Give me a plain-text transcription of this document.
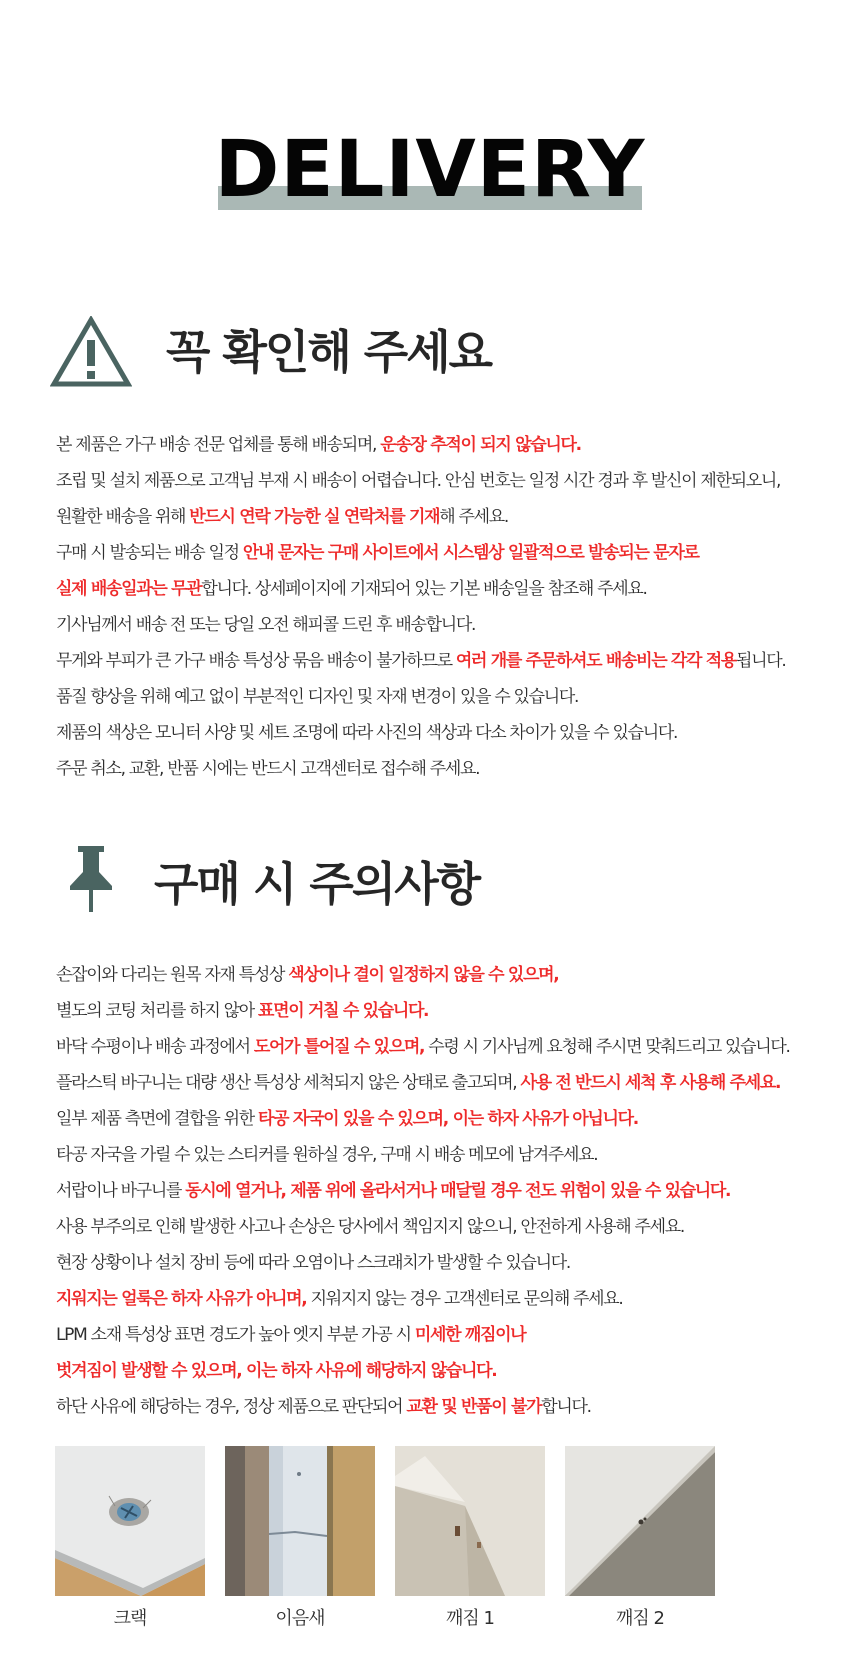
DELIVERY
꼭 확인해 주세요
본 제품은 가구 배송 전문 업체를 통해 배송되며, 운송장 추적이 되지 않습니다.
조립 및 설치 제품으로 고객님 부재 시 배송이 어렵습니다. 안심 번호는 일정 시간 경과 후 발신이 제한되오니,
원활한 배송을 위해 반드시 연락 가능한 실 연락처를 기재해 주세요.
구매 시 발송되는 배송 일정 안내 문자는 구매 사이트에서 시스템상 일괄적으로 발송되는 문자로
실제 배송일과는 무관합니다. 상세페이지에 기재되어 있는 기본 배송일을 참조해 주세요.
기사님께서 배송 전 또는 당일 오전 해피콜 드린 후 배송합니다.
무게와 부피가 큰 가구 배송 특성상 묶음 배송이 불가하므로 여러 개를 주문하셔도 배송비는 각각 적용됩니다.
품질 향상을 위해 예고 없이 부분적인 디자인 및 자재 변경이 있을 수 있습니다.
제품의 색상은 모니터 사양 및 세트 조명에 따라 사진의 색상과 다소 차이가 있을 수 있습니다.
주문 취소, 교환, 반품 시에는 반드시 고객센터로 접수해 주세요.
구매 시 주의사항
손잡이와 다리는 원목 자재 특성상 색상이나 결이 일정하지 않을 수 있으며,
별도의 코팅 처리를 하지 않아 표면이 거칠 수 있습니다.
바닥 수평이나 배송 과정에서 도어가 틀어질 수 있으며, 수령 시 기사님께 요청해 주시면 맞춰드리고 있습니다.
플라스틱 바구니는 대량 생산 특성상 세척되지 않은 상태로 출고되며, 사용 전 반드시 세척 후 사용해 주세요.
일부 제품 측면에 결합을 위한 타공 자국이 있을 수 있으며, 이는 하자 사유가 아닙니다.
타공 자국을 가릴 수 있는 스티커를 원하실 경우, 구매 시 배송 메모에 남겨주세요.
서랍이나 바구니를 동시에 열거나, 제품 위에 올라서거나 매달릴 경우 전도 위험이 있을 수 있습니다.
사용 부주의로 인해 발생한 사고나 손상은 당사에서 책임지지 않으니, 안전하게 사용해 주세요.
현장 상황이나 설치 장비 등에 따라 오염이나 스크래치가 발생할 수 있습니다.
지워지는 얼룩은 하자 사유가 아니며, 지워지지 않는 경우 고객센터로 문의해 주세요.
LPM 소재 특성상 표면 경도가 높아 엣지 부분 가공 시 미세한 깨짐이나
벗겨짐이 발생할 수 있으며, 이는 하자 사유에 해당하지 않습니다.
하단 사유에 해당하는 경우, 정상 제품으로 판단되어 교환 및 반품이 불가합니다.
크랙	이음새	깨짐 1	깨짐 2
